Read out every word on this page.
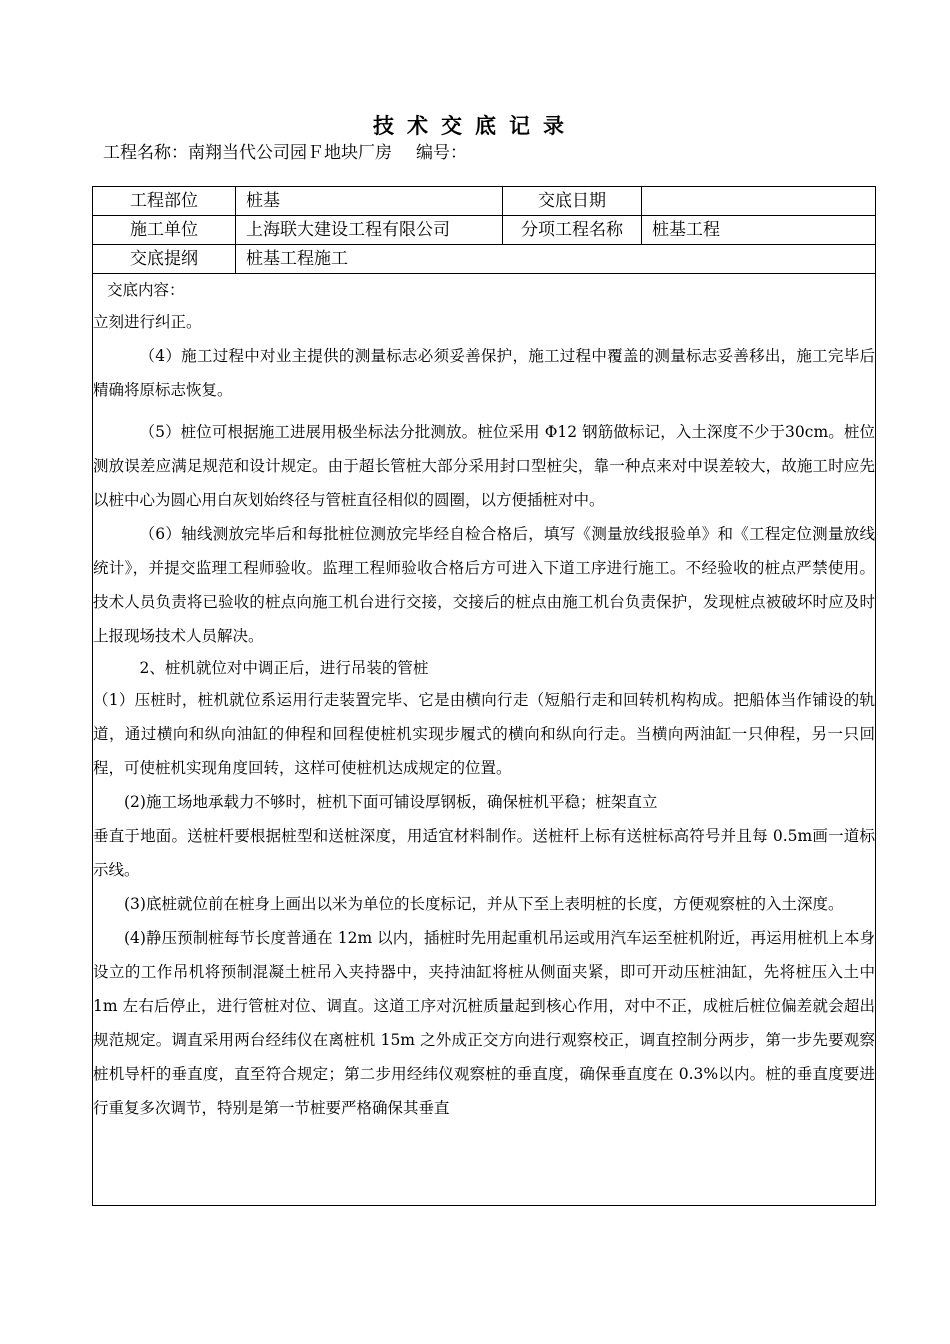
技术交底记录
工程名称：南翔当代公司园Ｆ地块厂房 编号：
工程部位	桩基	交底日期	
施工单位	上海联大建设工程有限公司	分项工程名称	桩基工程
交底提纲	桩基工程施工		

交底内容：

立刻进行纠正。

（4）施工过程中对业主提供的测量标志必须妥善保护，施工过程中覆盖的测量标志妥善移出，施工完毕后精确将原标志恢复。

（5）桩位可根据施工进展用极坐标法分批测放。桩位采用 Φ12 钢筋做标记，入土深度不少于30cm。桩位测放误差应满足规范和设计规定。由于超长管桩大部分采用封口型桩尖，靠一种点来对中误差较大，故施工时应先以桩中心为圆心用白灰划始终径与管桩直径相似的圆圈，以方便插桩对中。

（6）轴线测放完毕后和每批桩位测放完毕经自检合格后，填写《测量放线报验单》和《工程定位测量放线统计》，并提交监理工程师验收。监理工程师验收合格后方可进入下道工序进行施工。不经验收的桩点严禁使用。技术人员负责将已验收的桩点向施工机台进行交接，交接后的桩点由施工机台负责保护，发现桩点被破坏时应及时上报现场技术人员解决。

2、桩机就位对中调正后，进行吊装的管桩

（1）压桩时，桩机就位系运用行走装置完毕、它是由横向行走（短船行走和回转机构构成。把船体当作铺设的轨道，通过横向和纵向油缸的伸程和回程使桩机实现步履式的横向和纵向行走。当横向两油缸一只伸程，另一只回程，可使桩机实现角度回转，这样可使桩机达成规定的位置。

(2)施工场地承载力不够时，桩机下面可铺设厚钢板，确保桩机平稳；桩架直立

垂直于地面。送桩杆要根据桩型和送桩深度，用适宜材料制作。送桩杆上标有送桩标高符号并且每 0.5m画一道标示线。

(3)底桩就位前在桩身上画出以米为单位的长度标记，并从下至上表明桩的长度，方便观察桩的入土深度。

(4)静压预制桩每节长度普通在 12m 以内，插桩时先用起重机吊运或用汽车运至桩机附近，再运用桩机上本身设立的工作吊机将预制混凝土桩吊入夹持器中，夹持油缸将桩从侧面夹紧，即可开动压桩油缸，先将桩压入土中 1m 左右后停止，进行管桩对位、调直。这道工序对沉桩质量起到核心作用，对中不正，成桩后桩位偏差就会超出规范规定。调直采用两台经纬仪在离桩机 15m 之外成正交方向进行观察校正，调直控制分两步，第一步先要观察桩机导杆的垂直度，直至符合规定；第二步用经纬仪观察桩的垂直度，确保垂直度在 0.3%以内。桩的垂直度要进行重复多次调节，特别是第一节桩要严格确保其垂直
